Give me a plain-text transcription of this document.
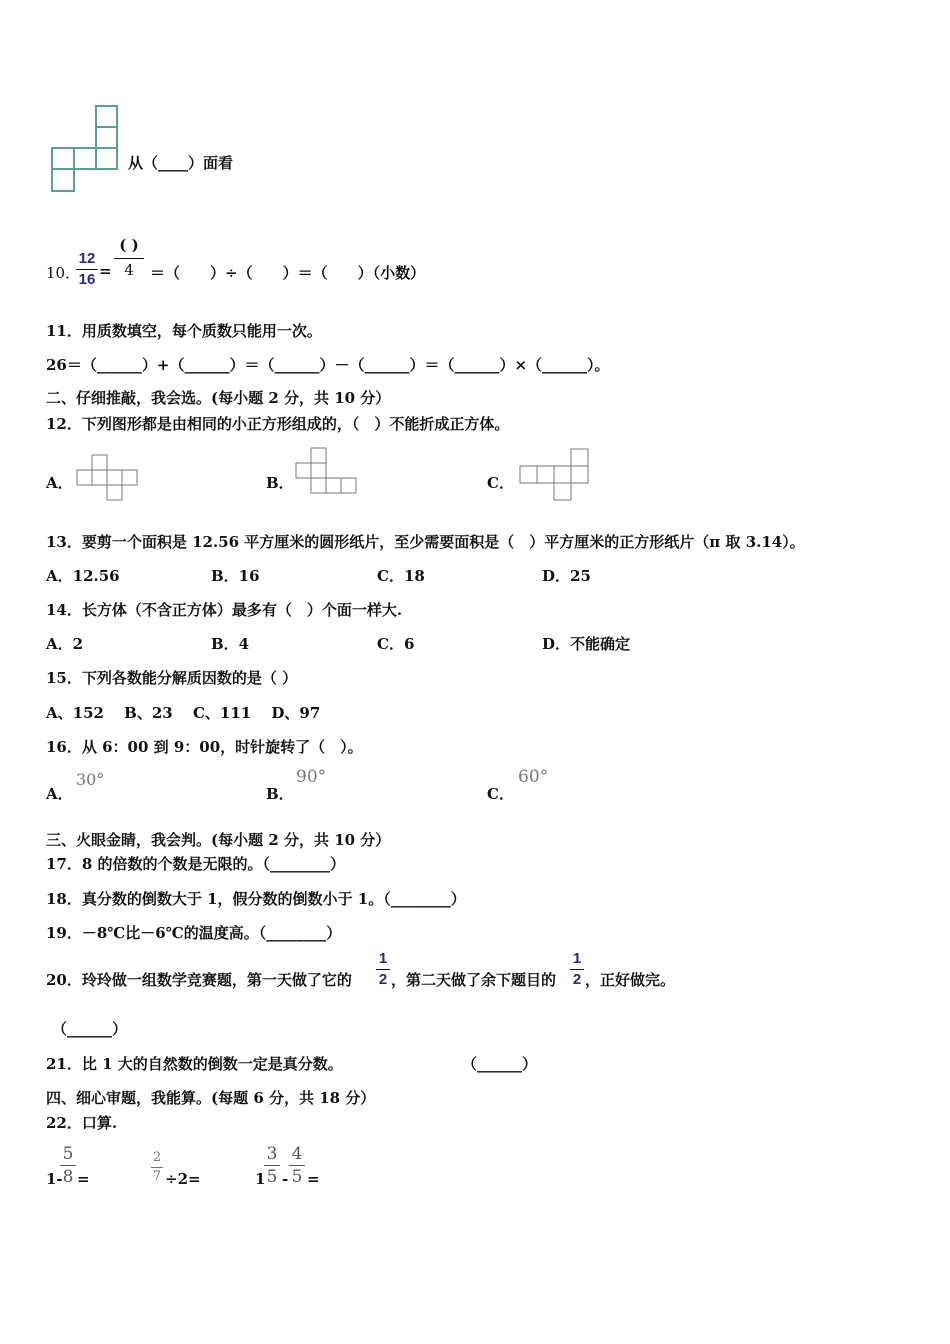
从（____）面看
10．
12
16 =
( )
4	＝（　　）÷（　　）＝（　　）（小数）
11．用质数填空，每个质数只能用一次。
26＝（______）+（______）＝（______）－（______）＝（______）×（______）。
二、仔细推敲，我会选。(每小题 2 分，共 10 分）
12．下列图形都是由相同的小正方形组成的，（　）不能折成正方体。
A．	B．	C．
13．要剪一个面积是 12.56 平方厘米的圆形纸片，至少需要面积是（　）平方厘米的正方形纸片（π 取 3.14）。
A．12.56	B．16	C．18	D．25
14．长方体（不含正方体）最多有（　）个面一样大.
A．2	B．4	C．6	D．不能确定
15．下列各数能分解质因数的是（ ）
A、152　 B、23　 C、111　 D、97
16．从 6：00 到 9：00，时针旋转了（　）。
A．
30°
B．
90°
C．
60°
三、火眼金睛，我会判。(每小题 2 分，共 10 分）
17．8 的倍数的个数是无限的。（________）
18．真分数的倒数大于 1，假分数的倒数小于 1。（________）
19．－8℃比－6℃的温度高。（________）
20．玲玲做一组数学竞赛题，第一天做了它的
1
2 ，第二天做了余下题目的
1
2 ，正好做完。
（______）
21．比 1 大的自然数的倒数一定是真分数。	（______）
四、细心审题，我能算。(每题 6 分，共 18 分）
22．口算.
1-
5
8 =
2
7 ÷2=	1
3
5 -
4
5 =
